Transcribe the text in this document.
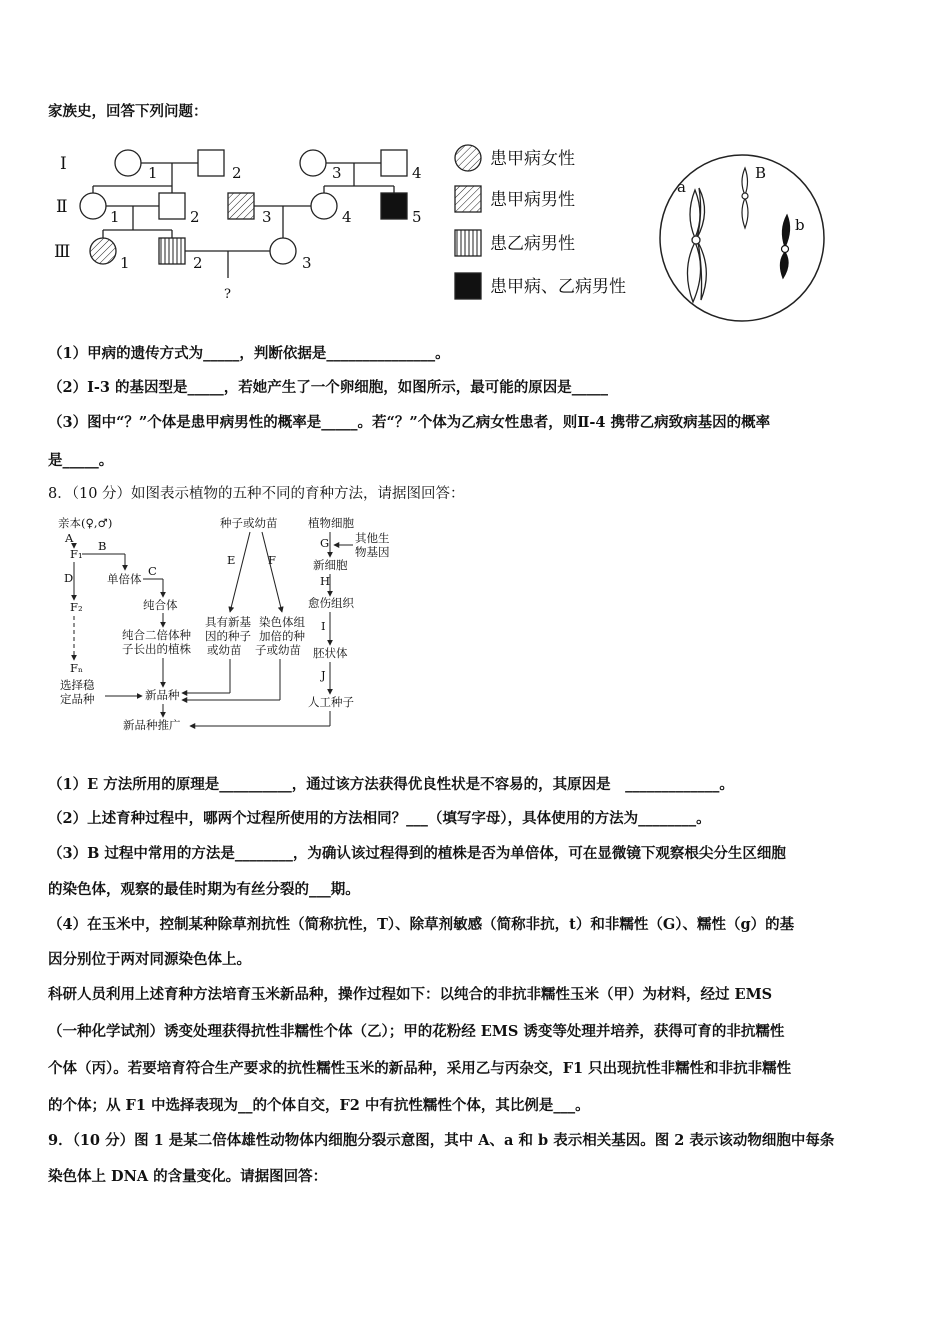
家族史，回答下列问题：
Ⅰ
Ⅱ
Ⅲ
1	2	3	4
1	2	3	4	5
1	2	3
?
患甲病女性
患甲病男性
患乙病男性
患甲病、乙病男性
a
B
b
（1）甲病的遗传方式为_____，判断依据是_______________。
（2）Ⅰ-3 的基因型是_____，若她产生了一个卵细胞，如图所示，最可能的原因是_____
（3）图中“？”个体是患甲病男性的概率是_____。若“？”个体为乙病女性患者，则Ⅱ-4 携带乙病致病基因的概率
是_____。
8．（10 分）如图表示植物的五种不同的育种方法，请据图回答：
亲本(♀,♂)
A
F₁
B
单倍体
C
D
纯合体
F₂
纯合二倍体种
子长出的植株
Fₙ
选择稳
定品种	新品种
新品种推广
种子或幼苗
E	F
具有新基
因的种子
或幼苗
染色体组
加倍的种
子或幼苗
植物细胞
G 其他生
物基因
新细胞
H
愈伤组织
I
胚状体
J
人工种子
（1）E 方法所用的原理是__________，通过该方法获得优良性状是不容易的，其原因是　_____________。
（2）上述育种过程中，哪两个过程所使用的方法相同？___（填写字母），具体使用的方法为________。
（3）B 过程中常用的方法是________，为确认该过程得到的植株是否为单倍体，可在显微镜下观察根尖分生区细胞
的染色体，观察的最佳时期为有丝分裂的___期。
（4）在玉米中，控制某种除草剂抗性（简称抗性，T）、除草剂敏感（简称非抗，t）和非糯性（G）、糯性（g）的基
因分别位于两对同源染色体上。
科研人员利用上述育种方法培育玉米新品种，操作过程如下：以纯合的非抗非糯性玉米（甲）为材料，经过 EMS
（一种化学试剂）诱变处理获得抗性非糯性个体（乙）；甲的花粉经 EMS 诱变等处理并培养，获得可育的非抗糯性
个体（丙）。若要培育符合生产要求的抗性糯性玉米的新品种，采用乙与丙杂交，F1 只出现抗性非糯性和非抗非糯性
的个体；从 F1 中选择表现为__的个体自交，F2 中有抗性糯性个体，其比例是___。
9．（10 分）图 1 是某二倍体雄性动物体内细胞分裂示意图，其中 A、a 和 b 表示相关基因。图 2 表示该动物细胞中每条
染色体上 DNA 的含量变化。请据图回答：
